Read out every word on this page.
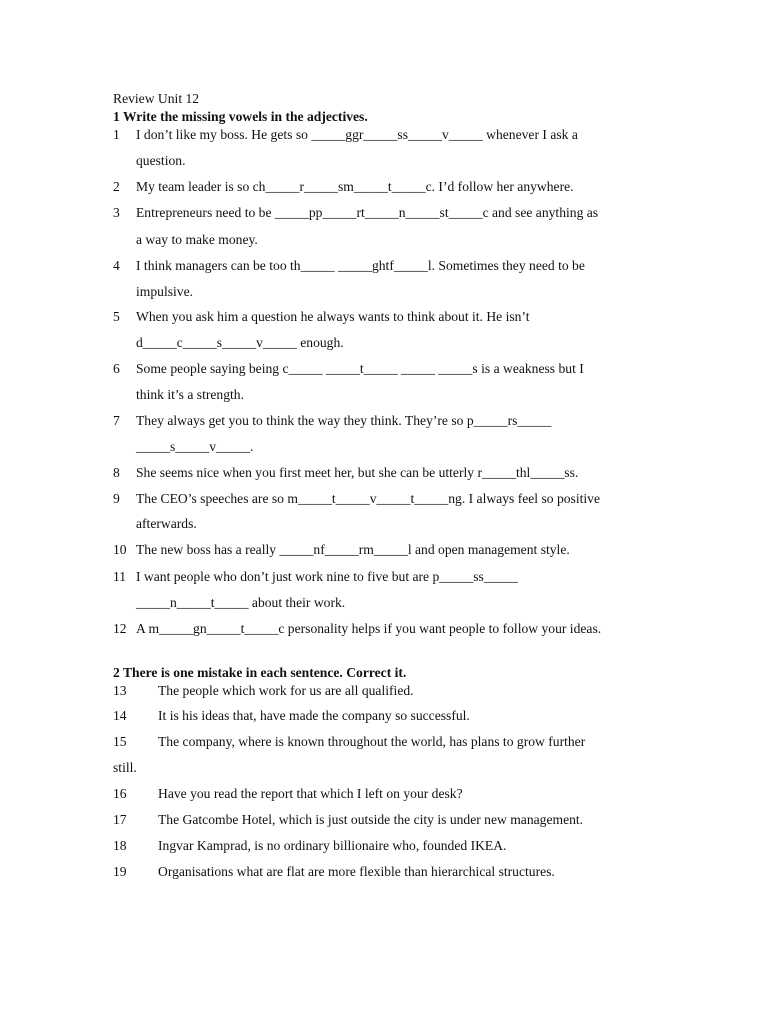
Review Unit 12
1 Write the missing vowels in the adjectives.
1 I don’t like my boss. He gets so _____ggr_____ss_____v_____ whenever I ask a
question.
2 My team leader is so ch_____r_____sm_____t_____c. I’d follow her anywhere.
3 Entrepreneurs need to be _____pp_____rt_____n_____st_____c and see anything as
a way to make money.
4 I think managers can be too th_____ _____ghtf_____l. Sometimes they need to be
impulsive.
5 When you ask him a question he always wants to think about it. He isn’t
d_____c_____s_____v_____ enough.
6 Some people saying being c_____ _____t_____ _____ _____s is a weakness but I
think it’s a strength.
7 They always get you to think the way they think. They’re so p_____rs_____
_____s_____v_____.
8 She seems nice when you first meet her, but she can be utterly r_____thl_____ss.
9 The CEO’s speeches are so m_____t_____v_____t_____ng. I always feel so positive
afterwards.
10 The new boss has a really _____nf_____rm_____l and open management style.
11 I want people who don’t just work nine to five but are p_____ss_____
_____n_____t_____ about their work.
12 A m_____gn_____t_____c personality helps if you want people to follow your ideas.
2 There is one mistake in each sentence. Correct it.
13 The people which work for us are all qualified.
14 It is his ideas that, have made the company so successful.
15 The company, where is known throughout the world, has plans to grow further
still.
16 Have you read the report that which I left on your desk?
17 The Gatcombe Hotel, which is just outside the city is under new management.
18 Ingvar Kamprad, is no ordinary billionaire who, founded IKEA.
19 Organisations what are flat are more flexible than hierarchical structures.
